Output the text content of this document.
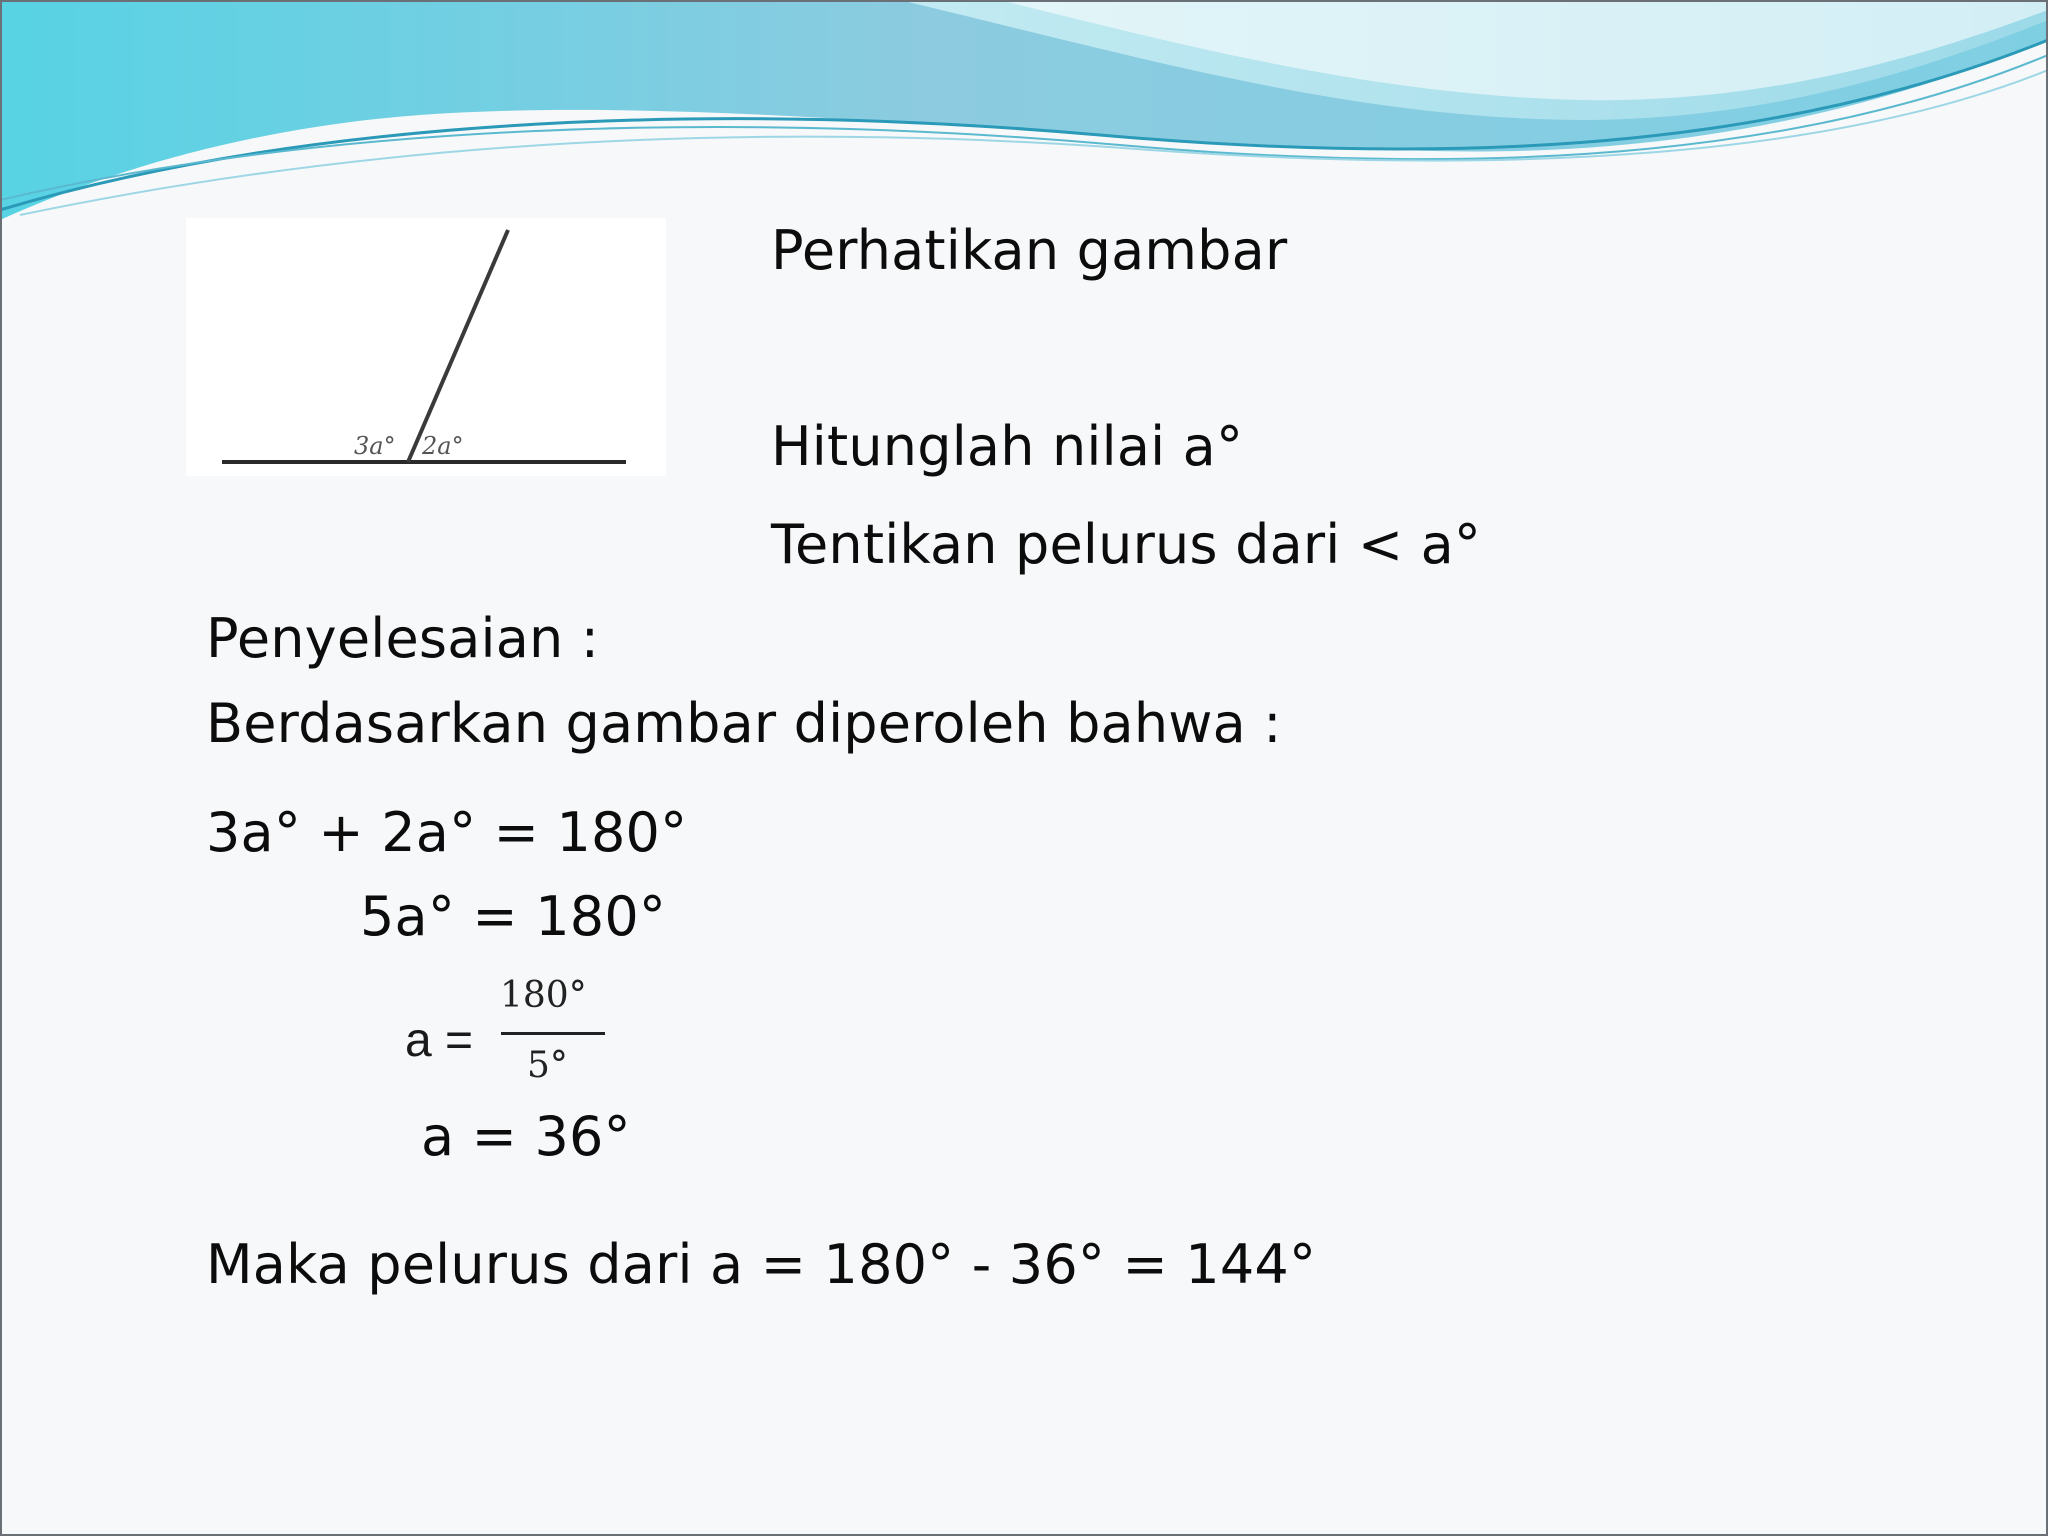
3a° 2a°
Perhatikan gambar
Hitunglah nilai a°
Tentikan pelurus dari < a°
Penyelesaian :
Berdasarkan gambar diperoleh bahwa :
3a° + 2a° = 180°
5a° = 180°
a =
180°
5°
a = 36°
Maka pelurus dari a = 180° - 36° = 144°
